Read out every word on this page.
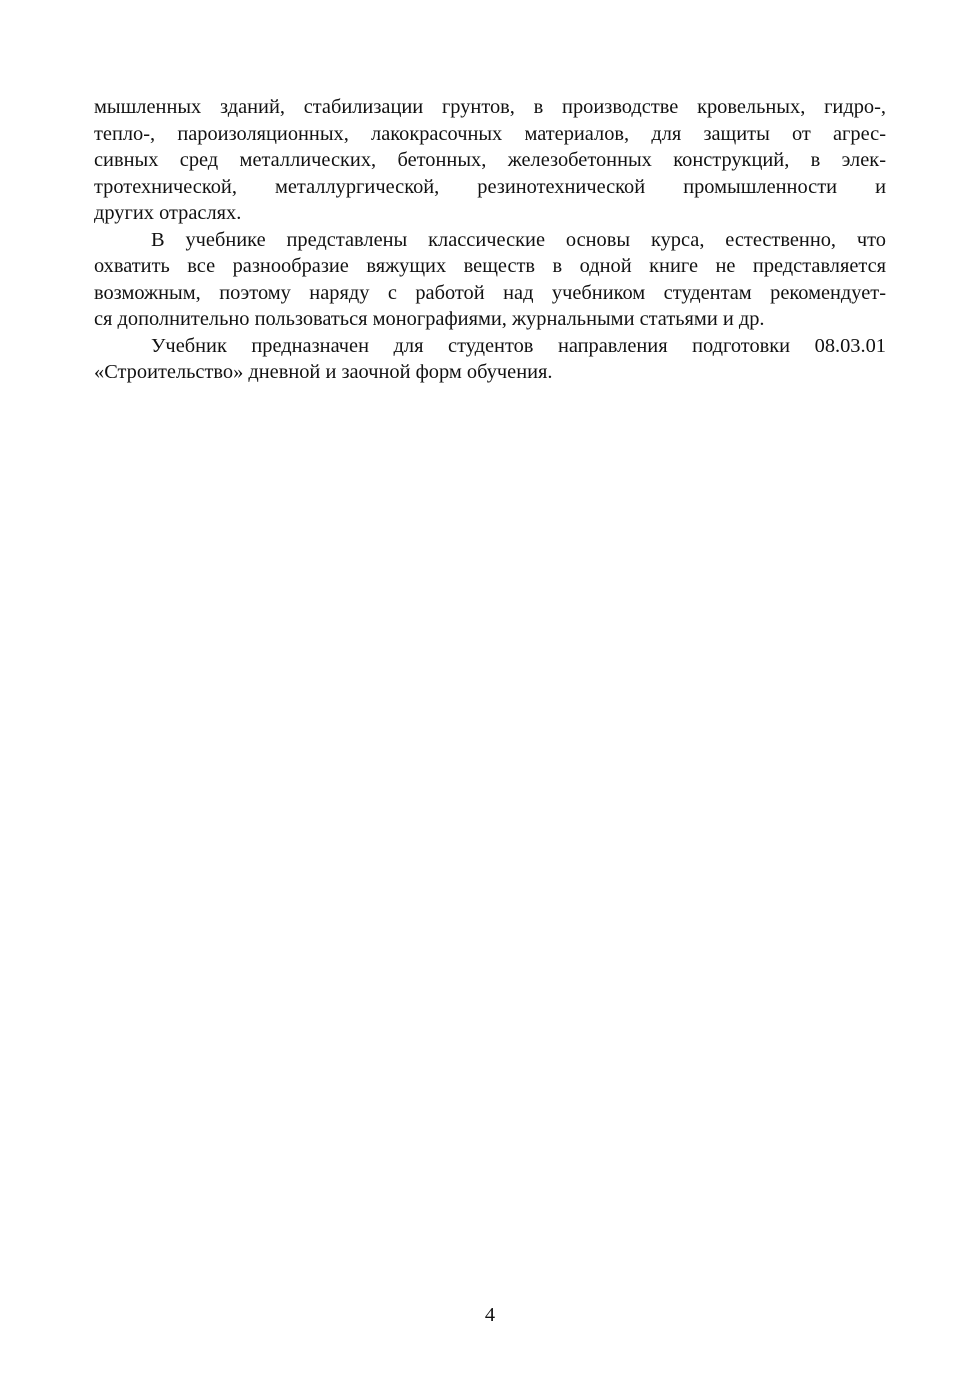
мышленных зданий, стабилизации грунтов, в производстве кровельных, гидро-,
тепло-, пароизоляционных, лакокрасочных материалов, для защиты от агрес-
сивных сред металлических, бетонных, железобетонных конструкций, в элек-
тротехнической, металлургической, резинотехнической промышленности и
других отраслях.

В учебнике представлены классические основы курса, естественно, что
охватить все разнообразие вяжущих веществ в одной книге не представляется
возможным, поэтому наряду с работой над учебником студентам рекомендует-
ся дополнительно пользоваться монографиями, журнальными статьями и др.

Учебник предназначен для студентов направления подготовки 08.03.01
«Строительство» дневной и заочной форм обучения.

4
